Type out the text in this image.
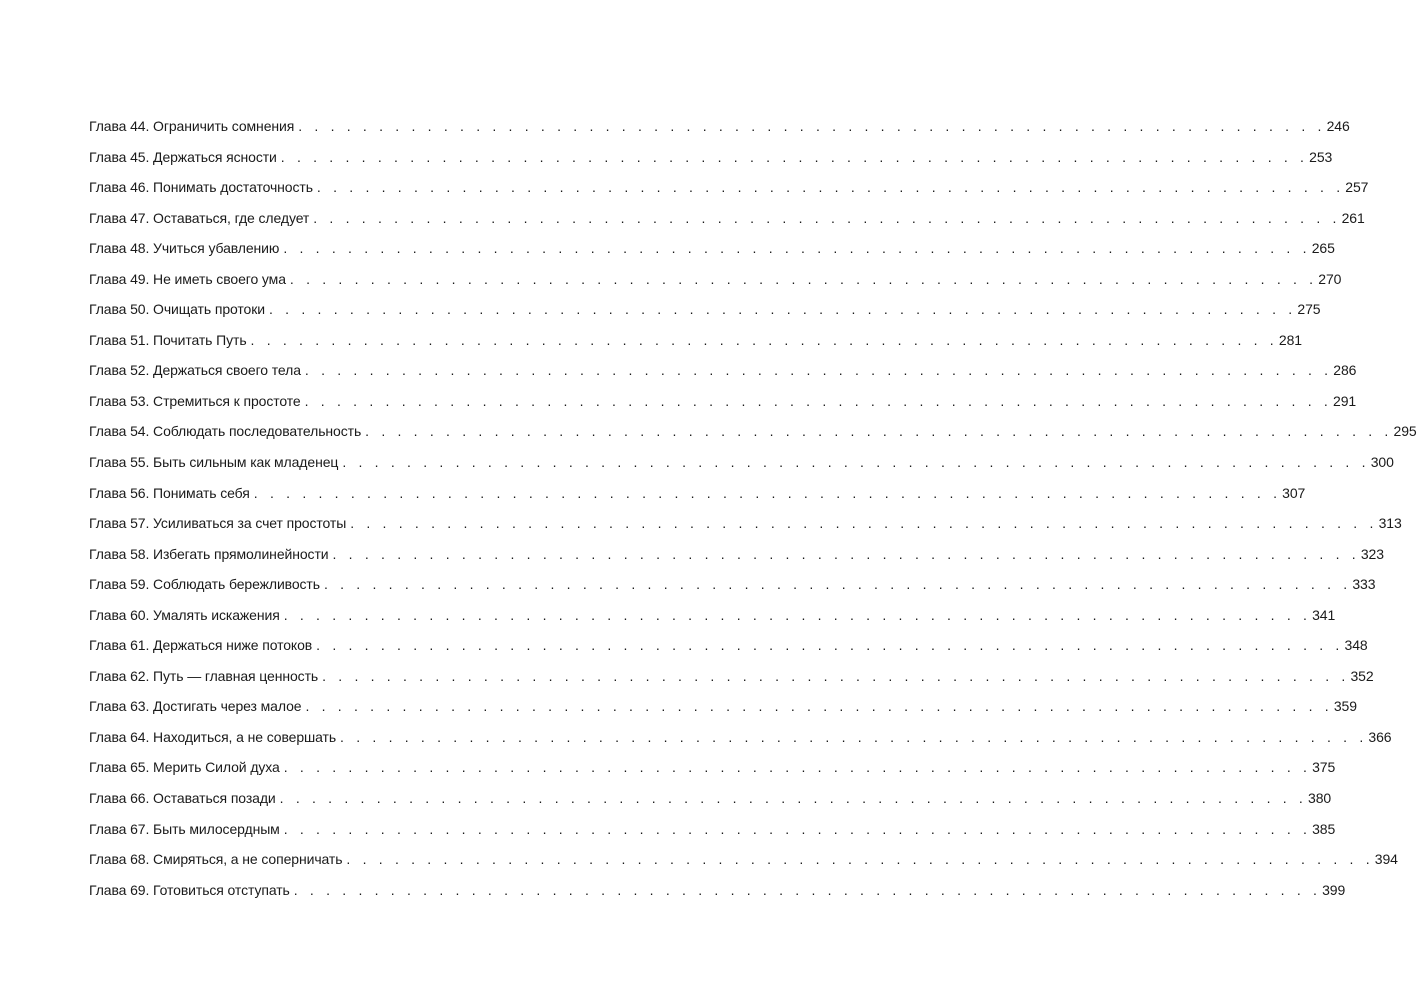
Глава 44. Ограничить сомнения . . . . . . . . . . . . . . . . . . . . . . . . . . . . . . . . . . . . . . . . . . . . . . . . . . . . . . . . . . . . . . . . 246
Глава 45. Держаться ясности . . . . . . . . . . . . . . . . . . . . . . . . . . . . . . . . . . . . . . . . . . . . . . . . . . . . . . . . . . . . . . . . 253
Глава 46. Понимать достаточность . . . . . . . . . . . . . . . . . . . . . . . . . . . . . . . . . . . . . . . . . . . . . . . . . . . . . . . . . . . . . . . . 257
Глава 47. Оставаться, где следует . . . . . . . . . . . . . . . . . . . . . . . . . . . . . . . . . . . . . . . . . . . . . . . . . . . . . . . . . . . . . . . . 261
Глава 48. Учиться убавлению . . . . . . . . . . . . . . . . . . . . . . . . . . . . . . . . . . . . . . . . . . . . . . . . . . . . . . . . . . . . . . . . 265
Глава 49. Не иметь своего ума . . . . . . . . . . . . . . . . . . . . . . . . . . . . . . . . . . . . . . . . . . . . . . . . . . . . . . . . . . . . . . . . 270
Глава 50. Очищать протоки . . . . . . . . . . . . . . . . . . . . . . . . . . . . . . . . . . . . . . . . . . . . . . . . . . . . . . . . . . . . . . . . 275
Глава 51. Почитать Путь . . . . . . . . . . . . . . . . . . . . . . . . . . . . . . . . . . . . . . . . . . . . . . . . . . . . . . . . . . . . . . . . 281
Глава 52. Держаться своего тела . . . . . . . . . . . . . . . . . . . . . . . . . . . . . . . . . . . . . . . . . . . . . . . . . . . . . . . . . . . . . . . . 286
Глава 53. Стремиться к простоте . . . . . . . . . . . . . . . . . . . . . . . . . . . . . . . . . . . . . . . . . . . . . . . . . . . . . . . . . . . . . . . . 291
Глава 54. Соблюдать последовательность . . . . . . . . . . . . . . . . . . . . . . . . . . . . . . . . . . . . . . . . . . . . . . . . . . . . . . . . . . . . . . . . 295
Глава 55. Быть сильным как младенец . . . . . . . . . . . . . . . . . . . . . . . . . . . . . . . . . . . . . . . . . . . . . . . . . . . . . . . . . . . . . . . . 300
Глава 56. Понимать себя . . . . . . . . . . . . . . . . . . . . . . . . . . . . . . . . . . . . . . . . . . . . . . . . . . . . . . . . . . . . . . . . 307
Глава 57. Усиливаться за счет простоты . . . . . . . . . . . . . . . . . . . . . . . . . . . . . . . . . . . . . . . . . . . . . . . . . . . . . . . . . . . . . . . . 313
Глава 58. Избегать прямолинейности . . . . . . . . . . . . . . . . . . . . . . . . . . . . . . . . . . . . . . . . . . . . . . . . . . . . . . . . . . . . . . . . 323
Глава 59. Соблюдать бережливость . . . . . . . . . . . . . . . . . . . . . . . . . . . . . . . . . . . . . . . . . . . . . . . . . . . . . . . . . . . . . . . . 333
Глава 60. Умалять искажения . . . . . . . . . . . . . . . . . . . . . . . . . . . . . . . . . . . . . . . . . . . . . . . . . . . . . . . . . . . . . . . . 341
Глава 61. Держаться ниже потоков . . . . . . . . . . . . . . . . . . . . . . . . . . . . . . . . . . . . . . . . . . . . . . . . . . . . . . . . . . . . . . . . 348
Глава 62. Путь — главная ценность . . . . . . . . . . . . . . . . . . . . . . . . . . . . . . . . . . . . . . . . . . . . . . . . . . . . . . . . . . . . . . . . 352
Глава 63. Достигать через малое . . . . . . . . . . . . . . . . . . . . . . . . . . . . . . . . . . . . . . . . . . . . . . . . . . . . . . . . . . . . . . . . 359
Глава 64. Находиться, а не совершать . . . . . . . . . . . . . . . . . . . . . . . . . . . . . . . . . . . . . . . . . . . . . . . . . . . . . . . . . . . . . . . . 366
Глава 65. Мерить Силой духа . . . . . . . . . . . . . . . . . . . . . . . . . . . . . . . . . . . . . . . . . . . . . . . . . . . . . . . . . . . . . . . . 375
Глава 66. Оставаться позади . . . . . . . . . . . . . . . . . . . . . . . . . . . . . . . . . . . . . . . . . . . . . . . . . . . . . . . . . . . . . . . . 380
Глава 67. Быть милосердным . . . . . . . . . . . . . . . . . . . . . . . . . . . . . . . . . . . . . . . . . . . . . . . . . . . . . . . . . . . . . . . . 385
Глава 68. Смиряться, а не соперничать . . . . . . . . . . . . . . . . . . . . . . . . . . . . . . . . . . . . . . . . . . . . . . . . . . . . . . . . . . . . . . . . 394
Глава 69. Готовиться отступать . . . . . . . . . . . . . . . . . . . . . . . . . . . . . . . . . . . . . . . . . . . . . . . . . . . . . . . . . . . . . . . . 399
